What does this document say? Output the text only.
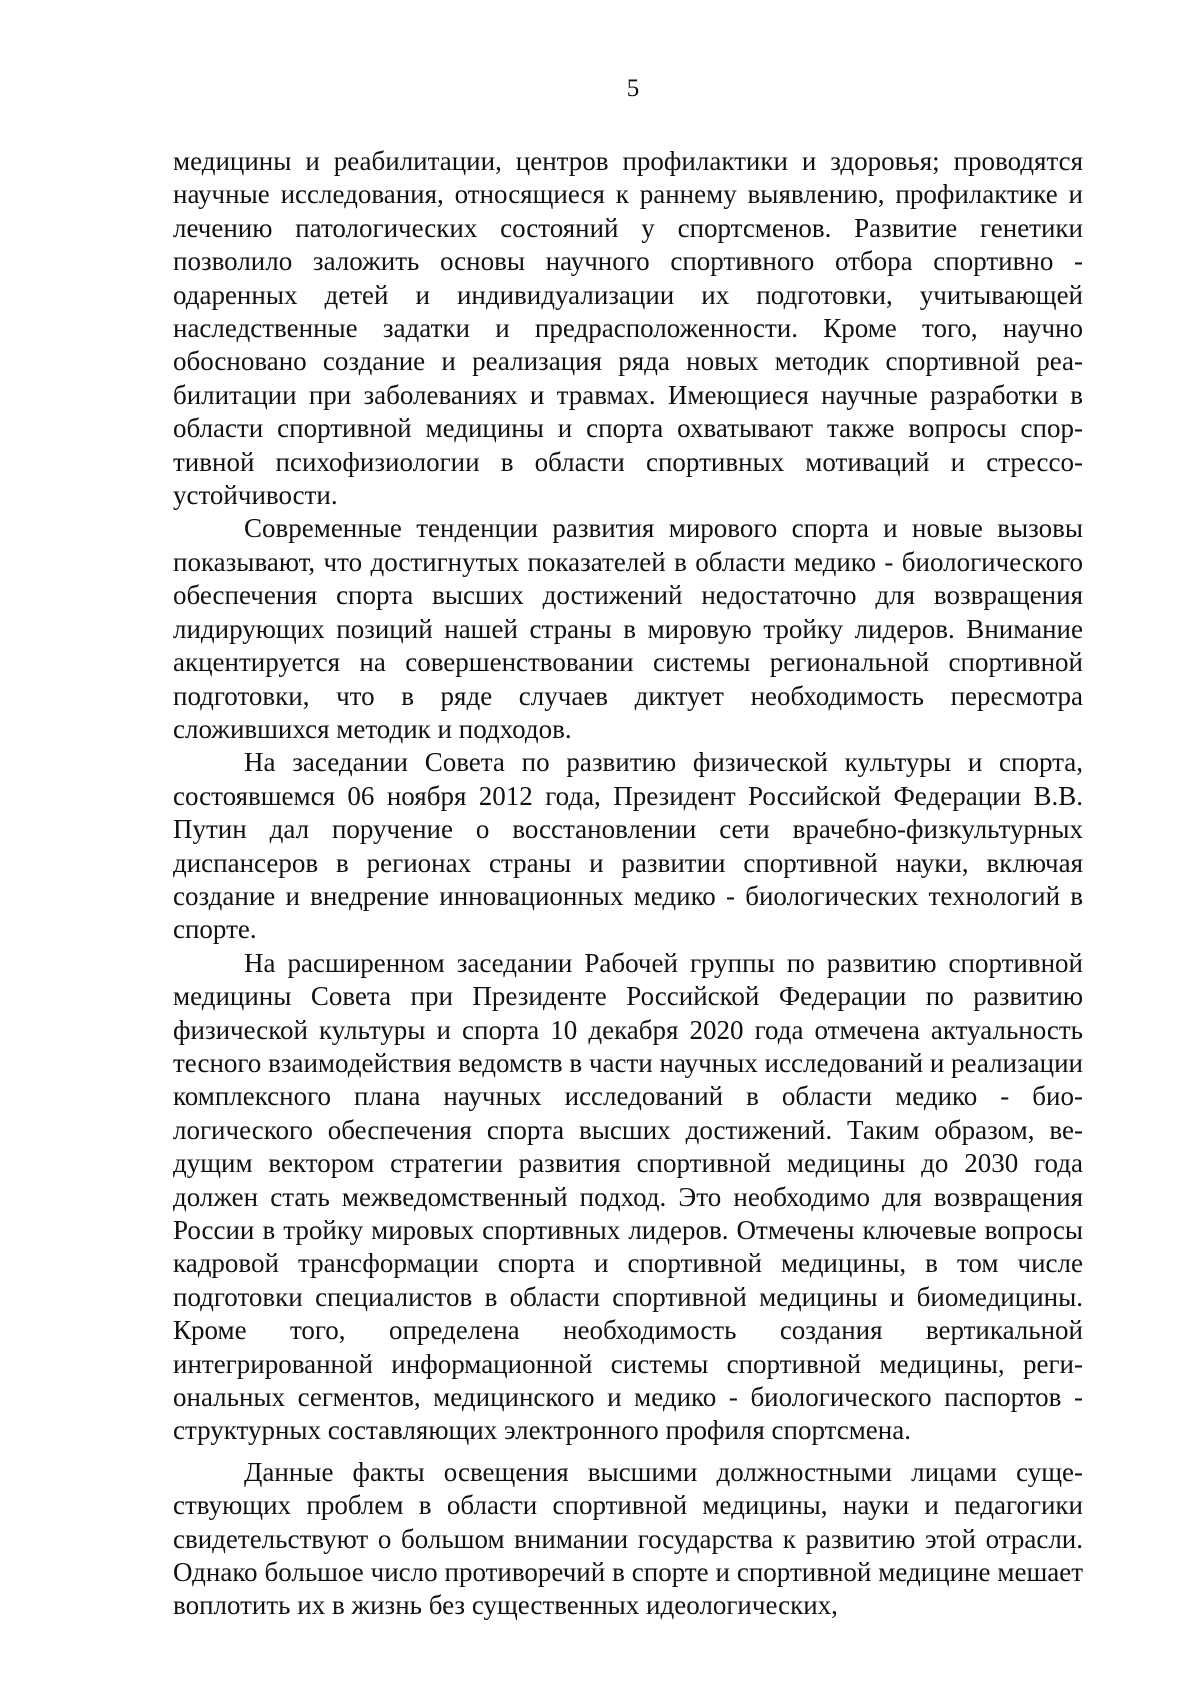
5

медицины и реабилитации, центров профилактики и здоровья; проводятся научные исследования, относящиеся к раннему выявлению, профилактике и лечению патологических состояний у спортсменов. Развитие генетики позволило заложить основы научного спортивного отбора спортивно - одаренных детей и индивидуализации их подготовки, учитывающей наследственные задатки и предрасположенности. Кроме того, научно обосновано создание и реализация ряда новых методик спортивной реабилитации при заболеваниях и травмах. Имеющиеся научные разработки в области спортивной медицины и спорта охватывают также вопросы спортивной психофизиологии в области спортивных мотиваций и стрессоустойчивости.

Современные тенденции развития мирового спорта и новые вызовы показывают, что достигнутых показателей в области медико - биологического обеспечения спорта высших достижений недостаточно для возвращения лидирующих позиций нашей страны в мировую тройку лидеров. Внимание акцентируется на совершенствовании системы региональной спортивной подготовки, что в ряде случаев диктует необходимость пересмотра сложившихся методик и подходов.

На заседании Совета по развитию физической культуры и спорта, состоявшемся 06 ноября 2012 года, Президент Российской Федерации В.В. Путин дал поручение о восстановлении сети врачебно-физкультурных диспансеров в регионах страны и развитии спортивной науки, включая создание и внедрение инновационных медико - биологических технологий в спорте.

На расширенном заседании Рабочей группы по развитию спортивной медицины Совета при Президенте Российской Федерации по развитию физической культуры и спорта 10 декабря 2020 года отмечена актуальность тесного взаимодействия ведомств в части научных исследований и реализации комплексного плана научных исследований в области медико - биологического обеспечения спорта высших достижений. Таким образом, ведущим вектором стратегии развития спортивной медицины до 2030 года должен стать межведомственный подход. Это необходимо для возвращения России в тройку мировых спортивных лидеров. Отмечены ключевые вопросы кадровой трансформации спорта и спортивной медицины, в том числе подготовки специалистов в области спортивной медицины и биомедицины. Кроме того, определена необходимость создания вертикальной интегрированной информационной системы спортивной медицины, региональных сегментов, медицинского и медико - биологического паспортов - структурных составляющих электронного профиля спортсмена.

Данные факты освещения высшими должностными лицами существующих проблем в области спортивной медицины, науки и педагогики свидетельствуют о большом внимании государства к развитию этой отрасли. Однако большое число противоречий в спорте и спортивной медицине мешает воплотить их в жизнь без существенных идеологических,
